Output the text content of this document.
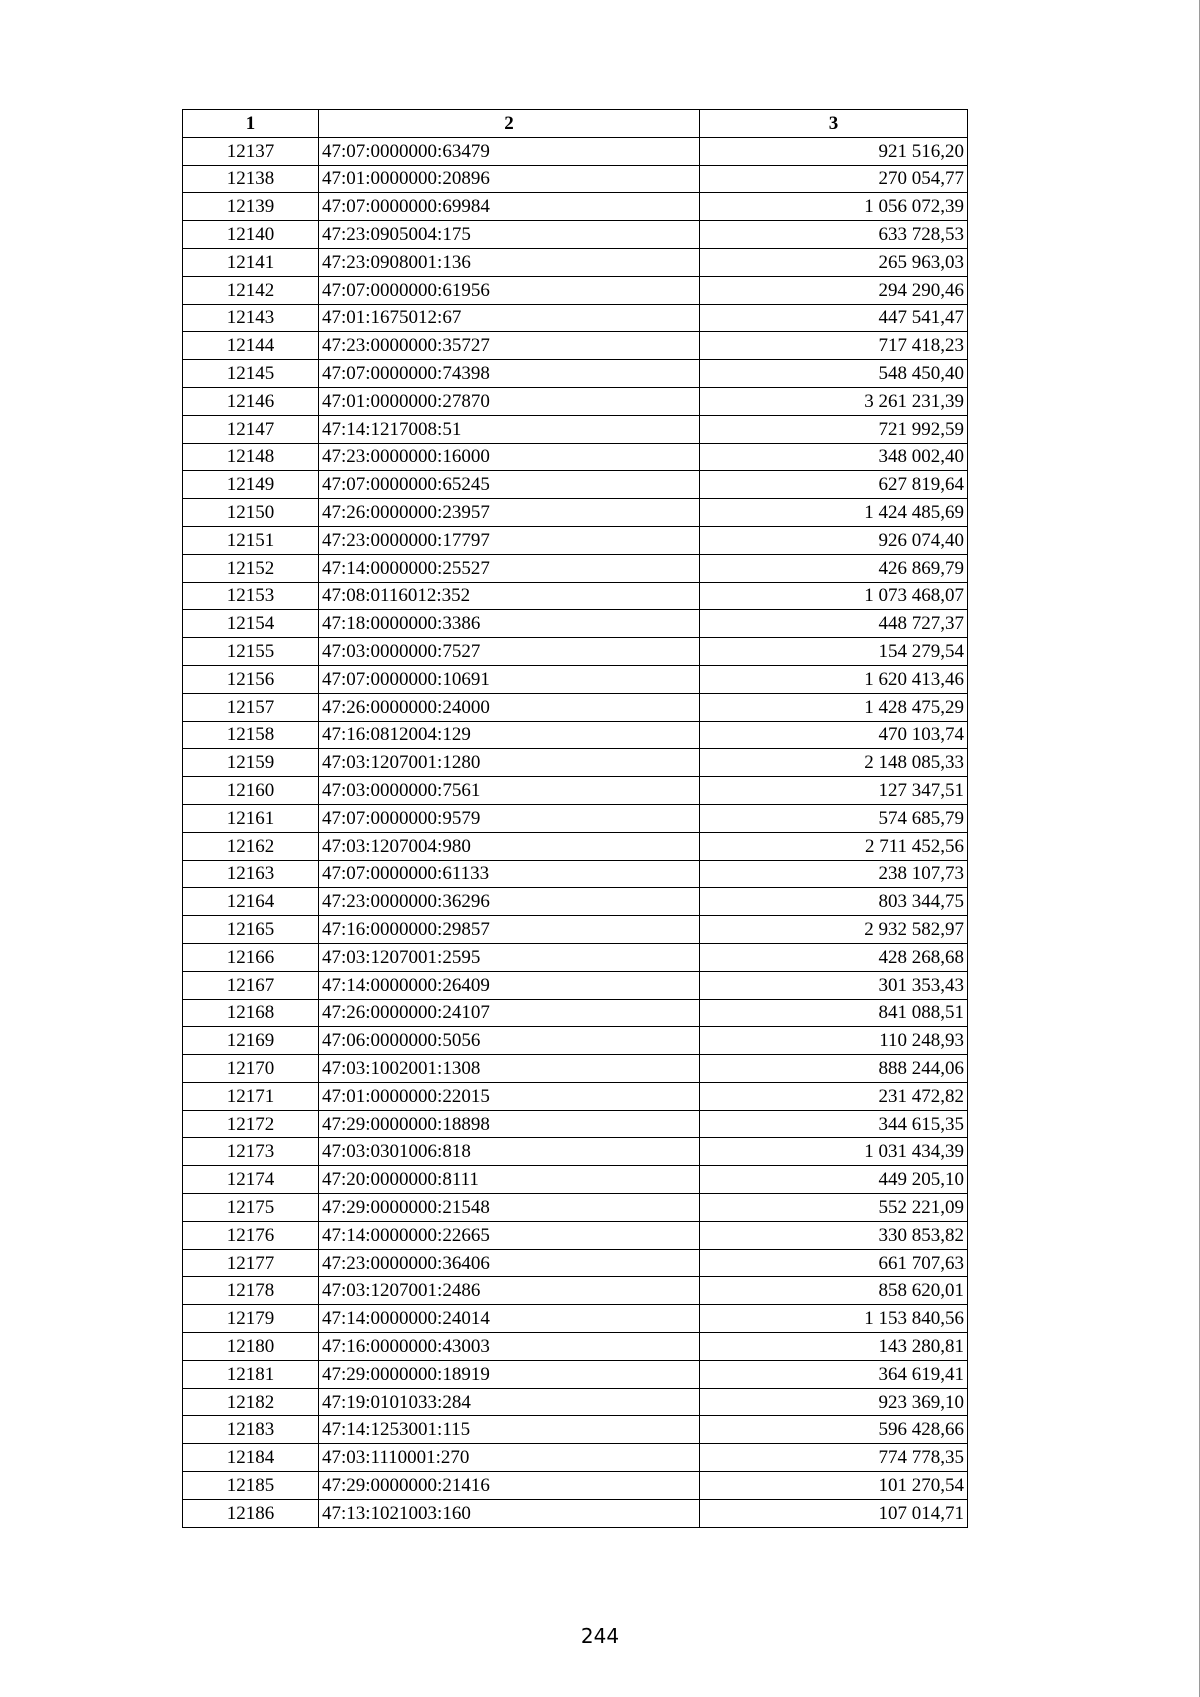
1	2	3
12137	47:07:0000000:63479	921 516,20
12138	47:01:0000000:20896	270 054,77
12139	47:07:0000000:69984	1 056 072,39
12140	47:23:0905004:175	633 728,53
12141	47:23:0908001:136	265 963,03
12142	47:07:0000000:61956	294 290,46
12143	47:01:1675012:67	447 541,47
12144	47:23:0000000:35727	717 418,23
12145	47:07:0000000:74398	548 450,40
12146	47:01:0000000:27870	3 261 231,39
12147	47:14:1217008:51	721 992,59
12148	47:23:0000000:16000	348 002,40
12149	47:07:0000000:65245	627 819,64
12150	47:26:0000000:23957	1 424 485,69
12151	47:23:0000000:17797	926 074,40
12152	47:14:0000000:25527	426 869,79
12153	47:08:0116012:352	1 073 468,07
12154	47:18:0000000:3386	448 727,37
12155	47:03:0000000:7527	154 279,54
12156	47:07:0000000:10691	1 620 413,46
12157	47:26:0000000:24000	1 428 475,29
12158	47:16:0812004:129	470 103,74
12159	47:03:1207001:1280	2 148 085,33
12160	47:03:0000000:7561	127 347,51
12161	47:07:0000000:9579	574 685,79
12162	47:03:1207004:980	2 711 452,56
12163	47:07:0000000:61133	238 107,73
12164	47:23:0000000:36296	803 344,75
12165	47:16:0000000:29857	2 932 582,97
12166	47:03:1207001:2595	428 268,68
12167	47:14:0000000:26409	301 353,43
12168	47:26:0000000:24107	841 088,51
12169	47:06:0000000:5056	110 248,93
12170	47:03:1002001:1308	888 244,06
12171	47:01:0000000:22015	231 472,82
12172	47:29:0000000:18898	344 615,35
12173	47:03:0301006:818	1 031 434,39
12174	47:20:0000000:8111	449 205,10
12175	47:29:0000000:21548	552 221,09
12176	47:14:0000000:22665	330 853,82
12177	47:23:0000000:36406	661 707,63
12178	47:03:1207001:2486	858 620,01
12179	47:14:0000000:24014	1 153 840,56
12180	47:16:0000000:43003	143 280,81
12181	47:29:0000000:18919	364 619,41
12182	47:19:0101033:284	923 369,10
12183	47:14:1253001:115	596 428,66
12184	47:03:1110001:270	774 778,35
12185	47:29:0000000:21416	101 270,54
12186	47:13:1021003:160	107 014,71
244
